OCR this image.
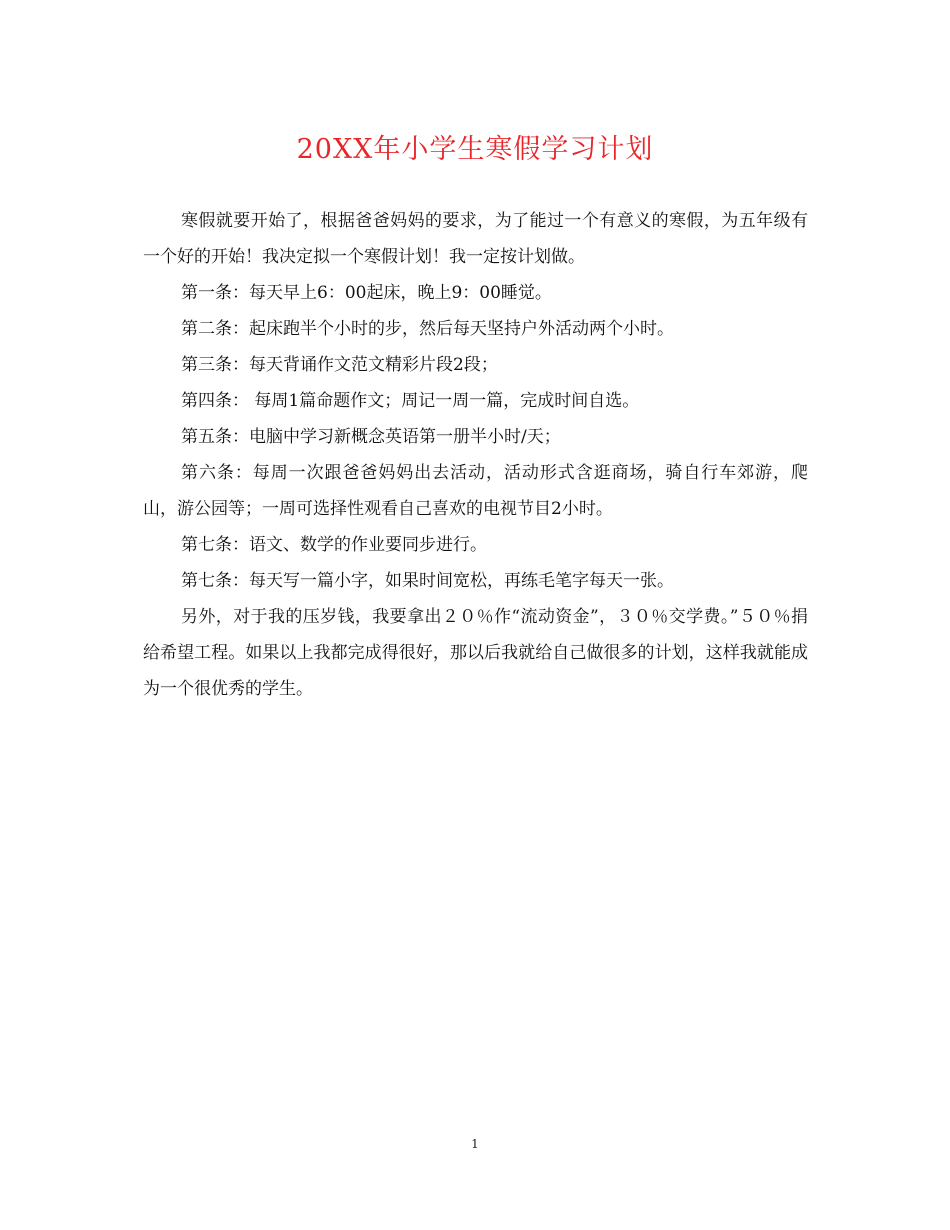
20XX年小学生寒假学习计划

寒假就要开始了，根据爸爸妈妈的要求，为了能过一个有意义的寒假，为五年级有一个好的开始！我决定拟一个寒假计划！我一定按计划做。

第一条：每天早上6：00起床，晚上9：00睡觉。

第二条：起床跑半个小时的步，然后每天坚持户外活动两个小时。

第三条：每天背诵作文范文精彩片段2段；

第四条： 每周1篇命题作文；周记一周一篇，完成时间自选。

第五条：电脑中学习新概念英语第一册半小时/天；

第六条：每周一次跟爸爸妈妈出去活动，活动形式含逛商场，骑自行车郊游，爬山，游公园等；一周可选择性观看自己喜欢的电视节目2小时。

第七条：语文、数学的作业要同步进行。

第七条：每天写一篇小字，如果时间宽松，再练毛笔字每天一张。

另外，对于我的压岁钱，我要拿出２０％作“流动资金”，３０％交学费。”５０％捐给希望工程。如果以上我都完成得很好，那以后我就给自己做很多的计划，这样我就能成为一个很优秀的学生。

1
